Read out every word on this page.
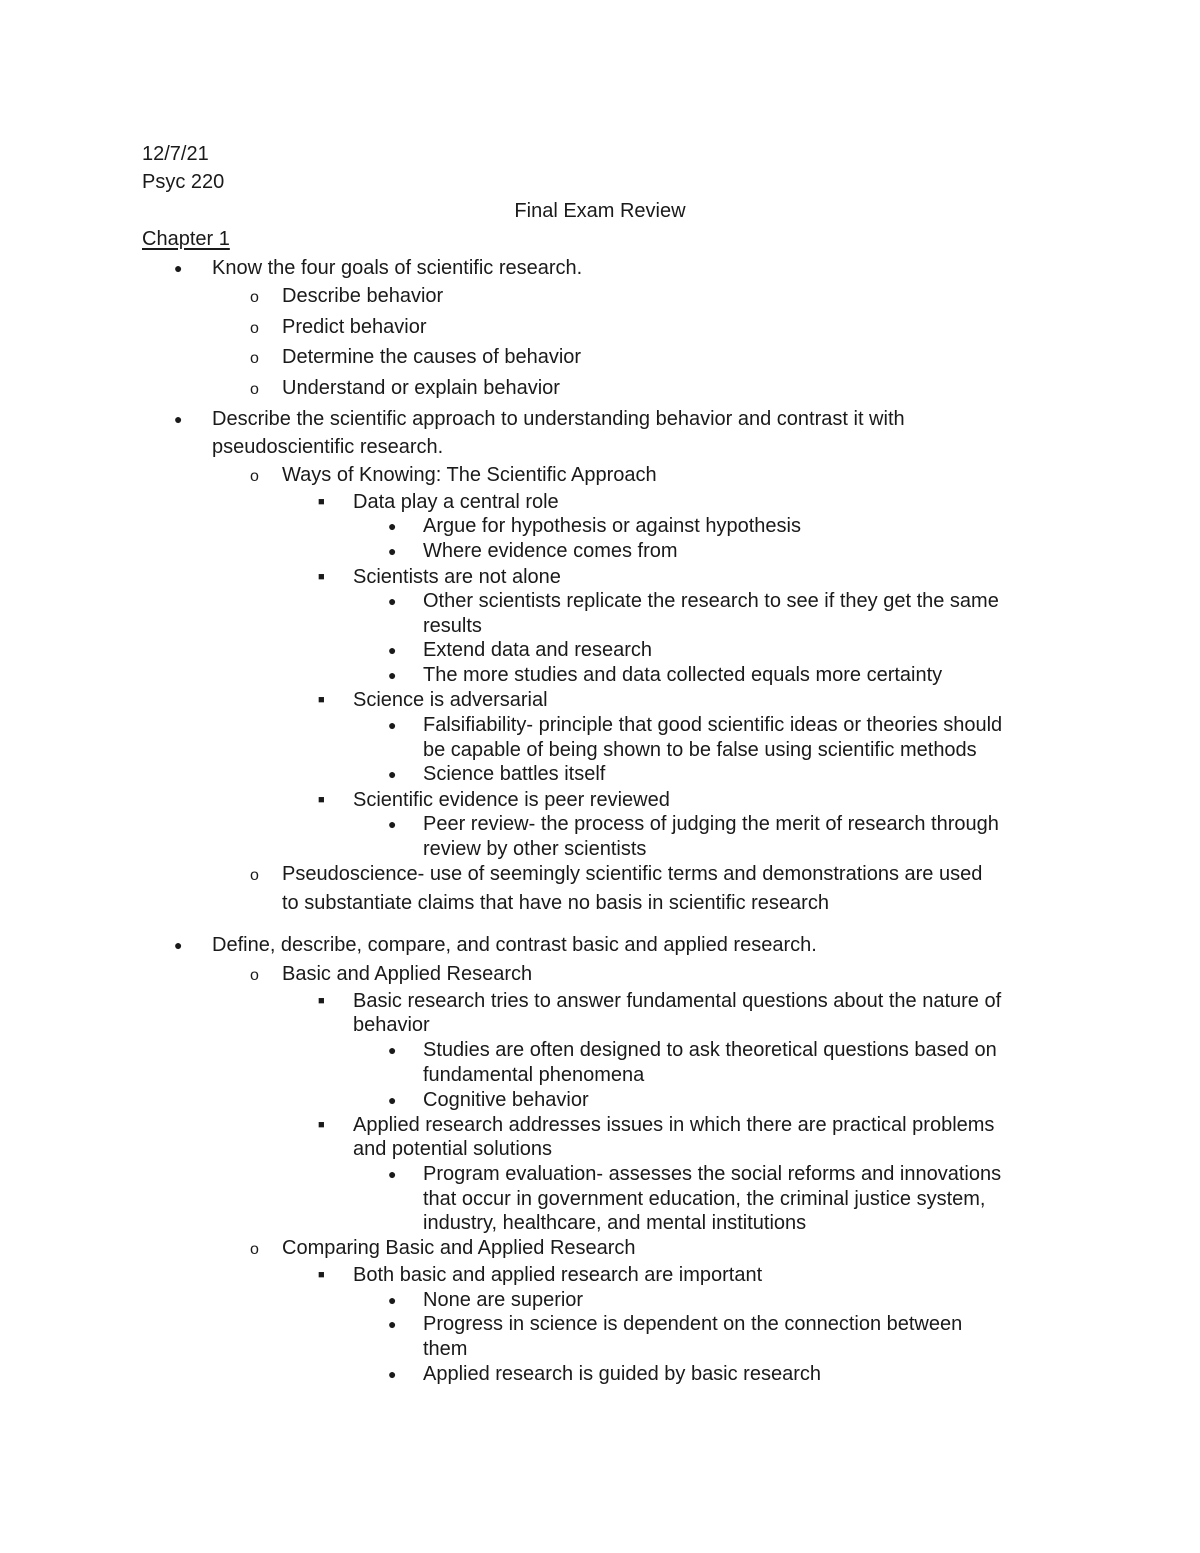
12/7/21

Psyc 220

Final Exam Review

Chapter 1

● Know the four goals of scientific research.

o Describe behavior

o Predict behavior

o Determine the causes of behavior

o Understand or explain behavior

● Describe the scientific approach to understanding behavior and contrast it with

pseudoscientific research.

o Ways of Knowing: The Scientific Approach

■ Data play a central role

● Argue for hypothesis or against hypothesis

● Where evidence comes from

■ Scientists are not alone

● Other scientists replicate the research to see if they get the same

results

● Extend data and research

● The more studies and data collected equals more certainty

■ Science is adversarial

● Falsifiability- principle that good scientific ideas or theories should

be capable of being shown to be false using scientific methods

● Science battles itself

■ Scientific evidence is peer reviewed

● Peer review- the process of judging the merit of research through

review by other scientists

o Pseudoscience- use of seemingly scientific terms and demonstrations are used

to substantiate claims that have no basis in scientific research

● Define, describe, compare, and contrast basic and applied research.

o Basic and Applied Research

■ Basic research tries to answer fundamental questions about the nature of

behavior

● Studies are often designed to ask theoretical questions based on

fundamental phenomena

● Cognitive behavior

■ Applied research addresses issues in which there are practical problems

and potential solutions

● Program evaluation- assesses the social reforms and innovations

that occur in government education, the criminal justice system,

industry, healthcare, and mental institutions

o Comparing Basic and Applied Research

■ Both basic and applied research are important

● None are superior

● Progress in science is dependent on the connection between

them

● Applied research is guided by basic research
